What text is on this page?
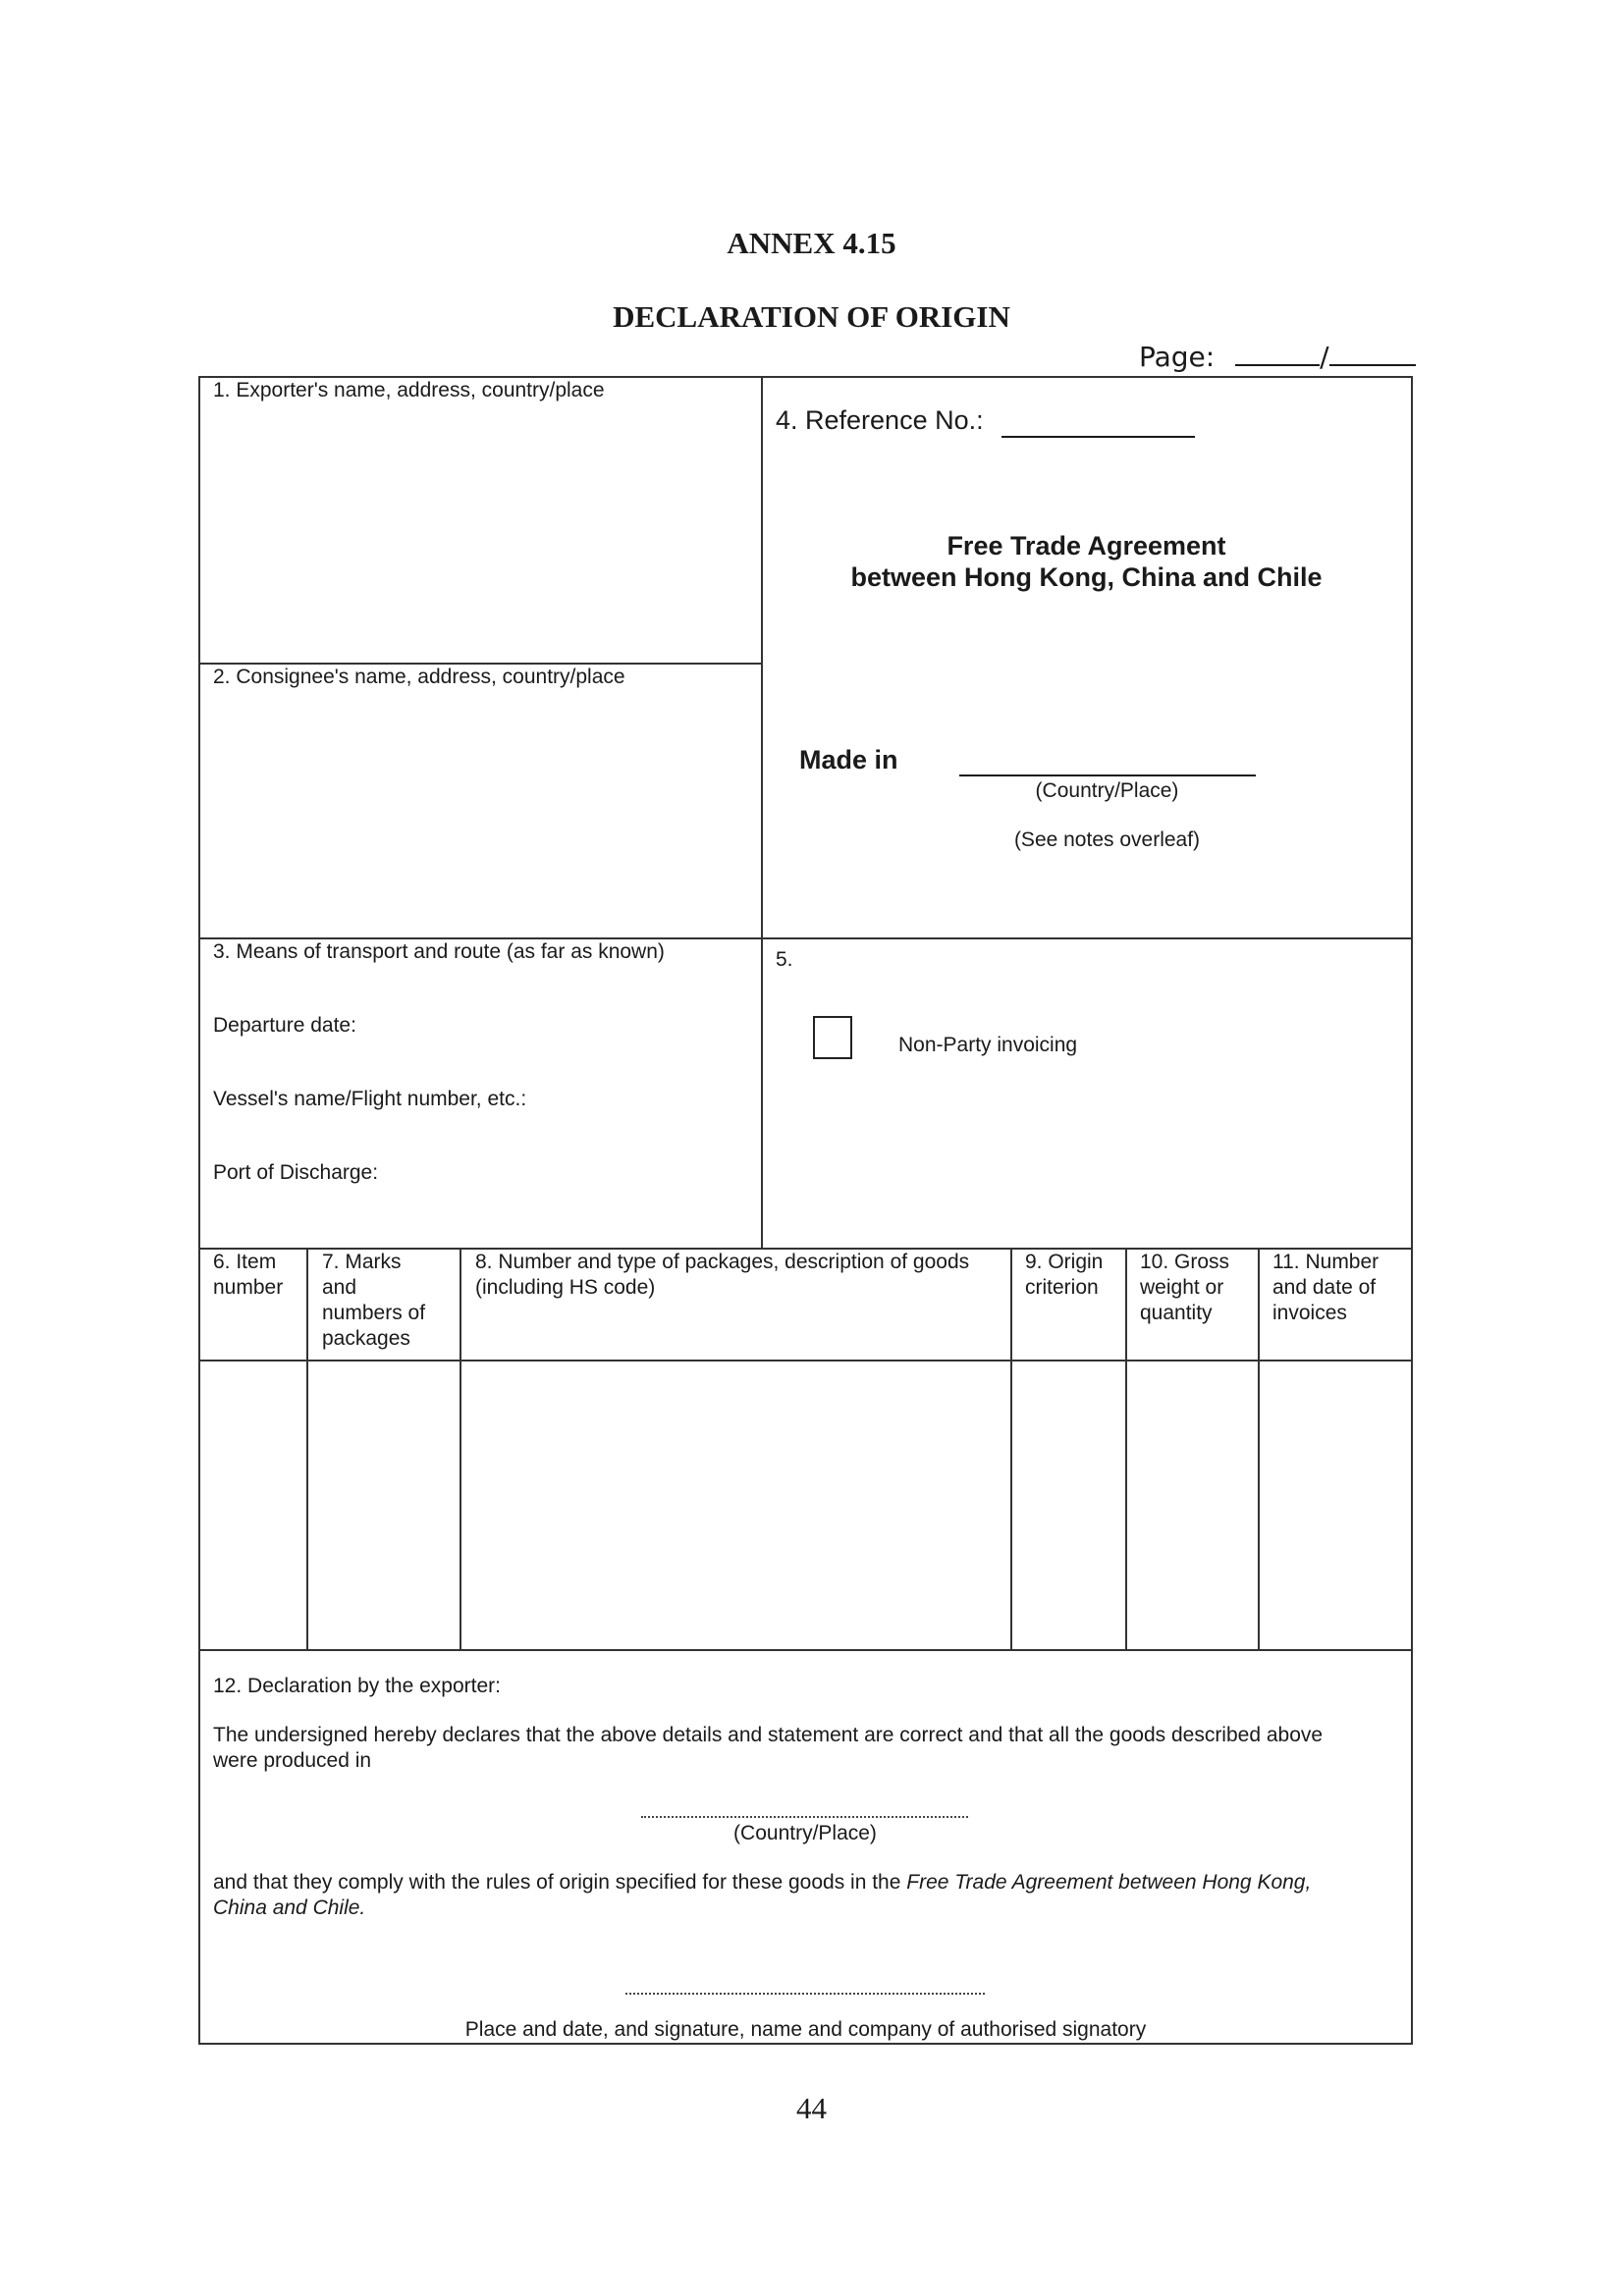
ANNEX 4.15
DECLARATION OF ORIGIN
Page:	/
1. Exporter's name, address, country/place
2. Consignee's name, address, country/place
4. Reference No.:
Free Trade Agreement
between Hong Kong, China and Chile
Made in
(Country/Place)
(See notes overleaf)
3. Means of transport and route (as far as known)
Departure date:
Vessel's name/Flight number, etc.:
Port of Discharge:
5.
Non-Party invoicing
6. Item
number
7. Marks
and
numbers of
packages
8. Number and type of packages, description of goods
(including HS code)
9. Origin
criterion
10. Gross
weight or
quantity
11. Number
and date of
invoices
12. Declaration by the exporter:
The undersigned hereby declares that the above details and statement are correct and that all the goods described above
were produced in
(Country/Place)
and that they comply with the rules of origin specified for these goods in the Free Trade Agreement between Hong Kong,
China and Chile.
Place and date, and signature, name and company of authorised signatory
44
